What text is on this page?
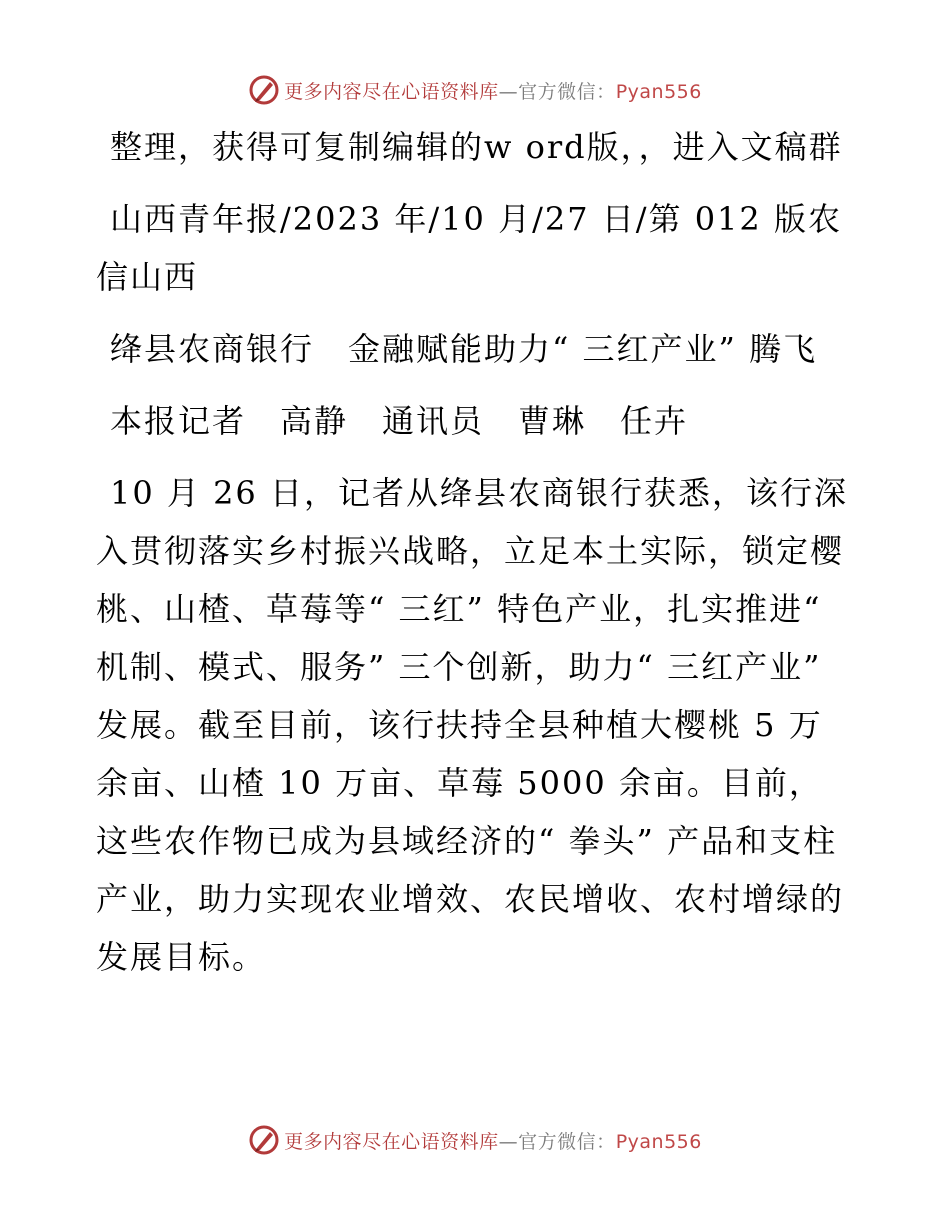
更多内容尽在心语资料库—官方微信：Pyan556

整理，获得可复制编辑的w ord版，，进入文稿群

山西青年报/2023 年/10 月/27 日/第 012 版农信山西

绛县农商银行　金融赋能助力“ 三红产业” 腾飞

本报记者　高静　通讯员　曹琳　任卉

10 月 26 日，记者从绛县农商银行获悉，该行深入贯彻落实乡村振兴战略，立足本土实际，锁定樱桃、山楂、草莓等“ 三红” 特色产业，扎实推进“ 机制、模式、服务” 三个创新，助力“ 三红产业” 发展。截至目前，该行扶持全县种植大樱桃 5 万余亩、山楂 10 万亩、草莓 5000 余亩。目前，这些农作物已成为县域经济的“ 拳头” 产品和支柱产业，助力实现农业增效、农民增收、农村增绿的发展目标。

更多内容尽在心语资料库—官方微信：Pyan556
